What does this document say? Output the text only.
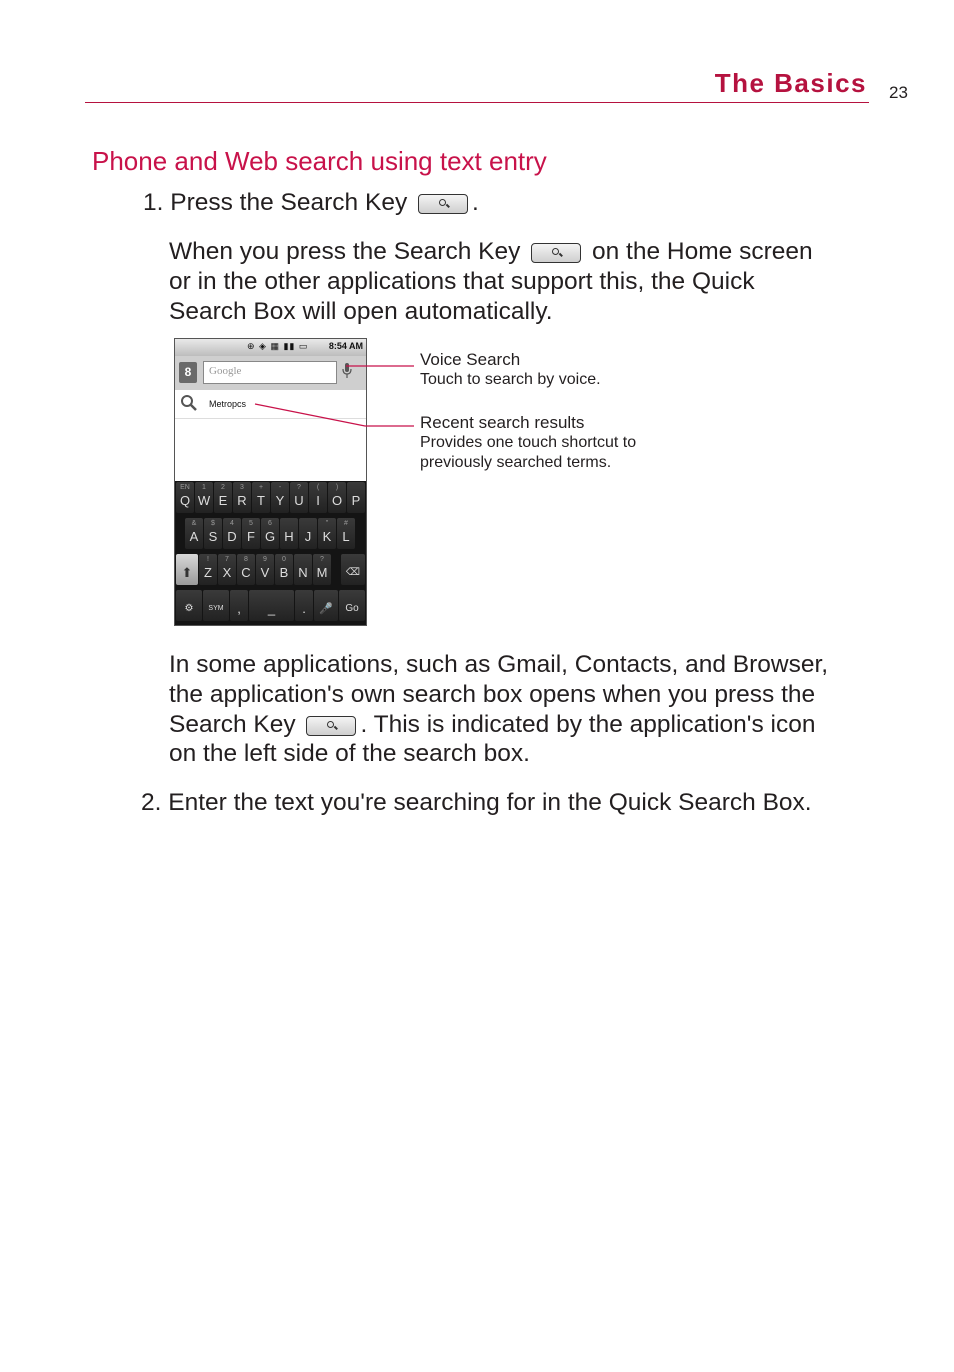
The Basics 23
Phone and Web search using text entry
1. Press the Search Key	.
When you press the Search Key	on the Home screen
or in the other applications that support this, the Quick
Search Box will open automatically.
⊕ ◈ ▦ ▮▮ ▭ 8:54 AM
8	Google
Metropcs
EN
Q
1
W
2
E
3
R
+
T
-
Y
?
U
(
I
)
O P
&
A
$
S
4
D
5
F
6
G H J
"
K
#
L
⬆
!
Z
7
X
8
C
9
V
0
B N
?
M	⌫
⚙	SYM	,	_	.	🎤	Go
Voice Search
Touch to search by voice.
Recent search results
Provides one touch shortcut to
previously searched terms.
In some applications, such as Gmail, Contacts, and Browser,
the application's own search box opens when you press the
Search Key	. This is indicated by the application's icon
on the left side of the search box.
2. Enter the text you're searching for in the Quick Search Box.
